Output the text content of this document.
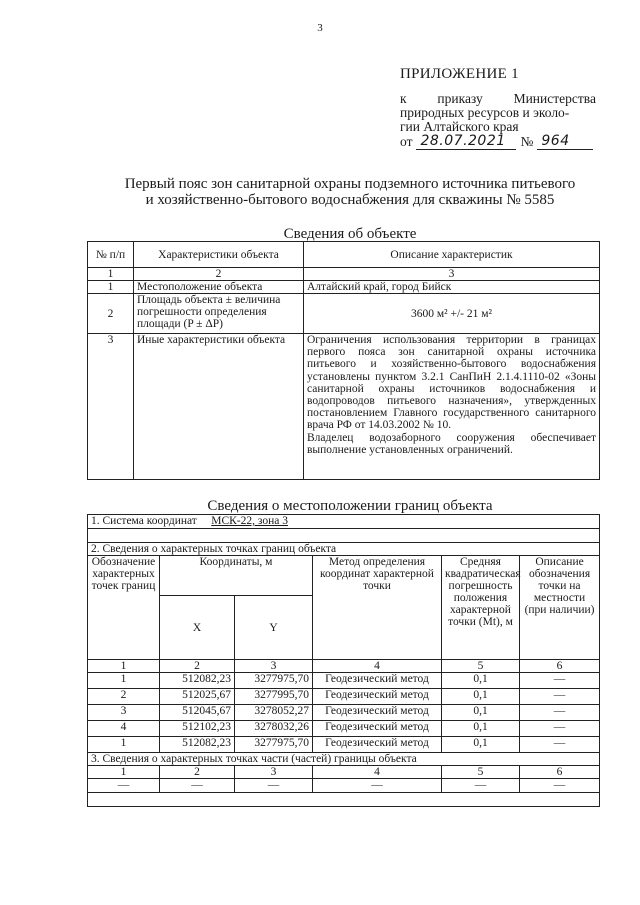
3
ПРИЛОЖЕНИЕ 1
к приказу Министерства
природных ресурсов и эколо-
гии Алтайского края
от 28.07.2021	№ 964
Первый пояс зон санитарной охраны подземного источника питьевого
и хозяйственно-бытового водоснабжения для скважины № 5585
Сведения об объекте
№ п/п	Характеристики объекта	Описание характеристик
1	2	3
1	Местоположение объекта	Алтайский край, город Бийск
2	Площадь объекта ± величина погрешности определения площади (P ± ΔP)	3600 м² +/- 21 м²
3	Иные характеристики объекта	Ограничения использования территории в границах первого пояса зон санитарной охраны источника питьевого и хозяйственно-бытового водоснабжения установлены пунктом 3.2.1 СанПиН 2.1.4.1110-02 «Зоны санитарной охраны источников водоснабжения и водопроводов питьевого назначения», утвержденных постановлением Главного государственного санитарного врача РФ от 14.03.2002 № 10.
Владелец водозаборного сооружения обеспечивает выполнение установленных ограничений.
Сведения о местоположении границ объекта
1. Система координат МСК-22, зона 3					

2. Сведения о характерных точках границ объекта					
Обозначение характерных точек границ	Координаты, м		Метод определения координат характерной точки	Средняя квадратическая погрешность положения характерной точки (Mt), м	Описание обозначения точки на местности (при наличии)
	X	Y			
1	2	3	4	5	6
1	512082,23	3277975,70	Геодезический метод	0,1	—
2	512025,67	3277995,70	Геодезический метод	0,1	—
3	512045,67	3278052,27	Геодезический метод	0,1	—
4	512102,23	3278032,26	Геодезический метод	0,1	—
1	512082,23	3277975,70	Геодезический метод	0,1	—
3. Сведения о характерных точках части (частей) границы объекта					
1	2	3	4	5	6
—	—	—	—	—	—
